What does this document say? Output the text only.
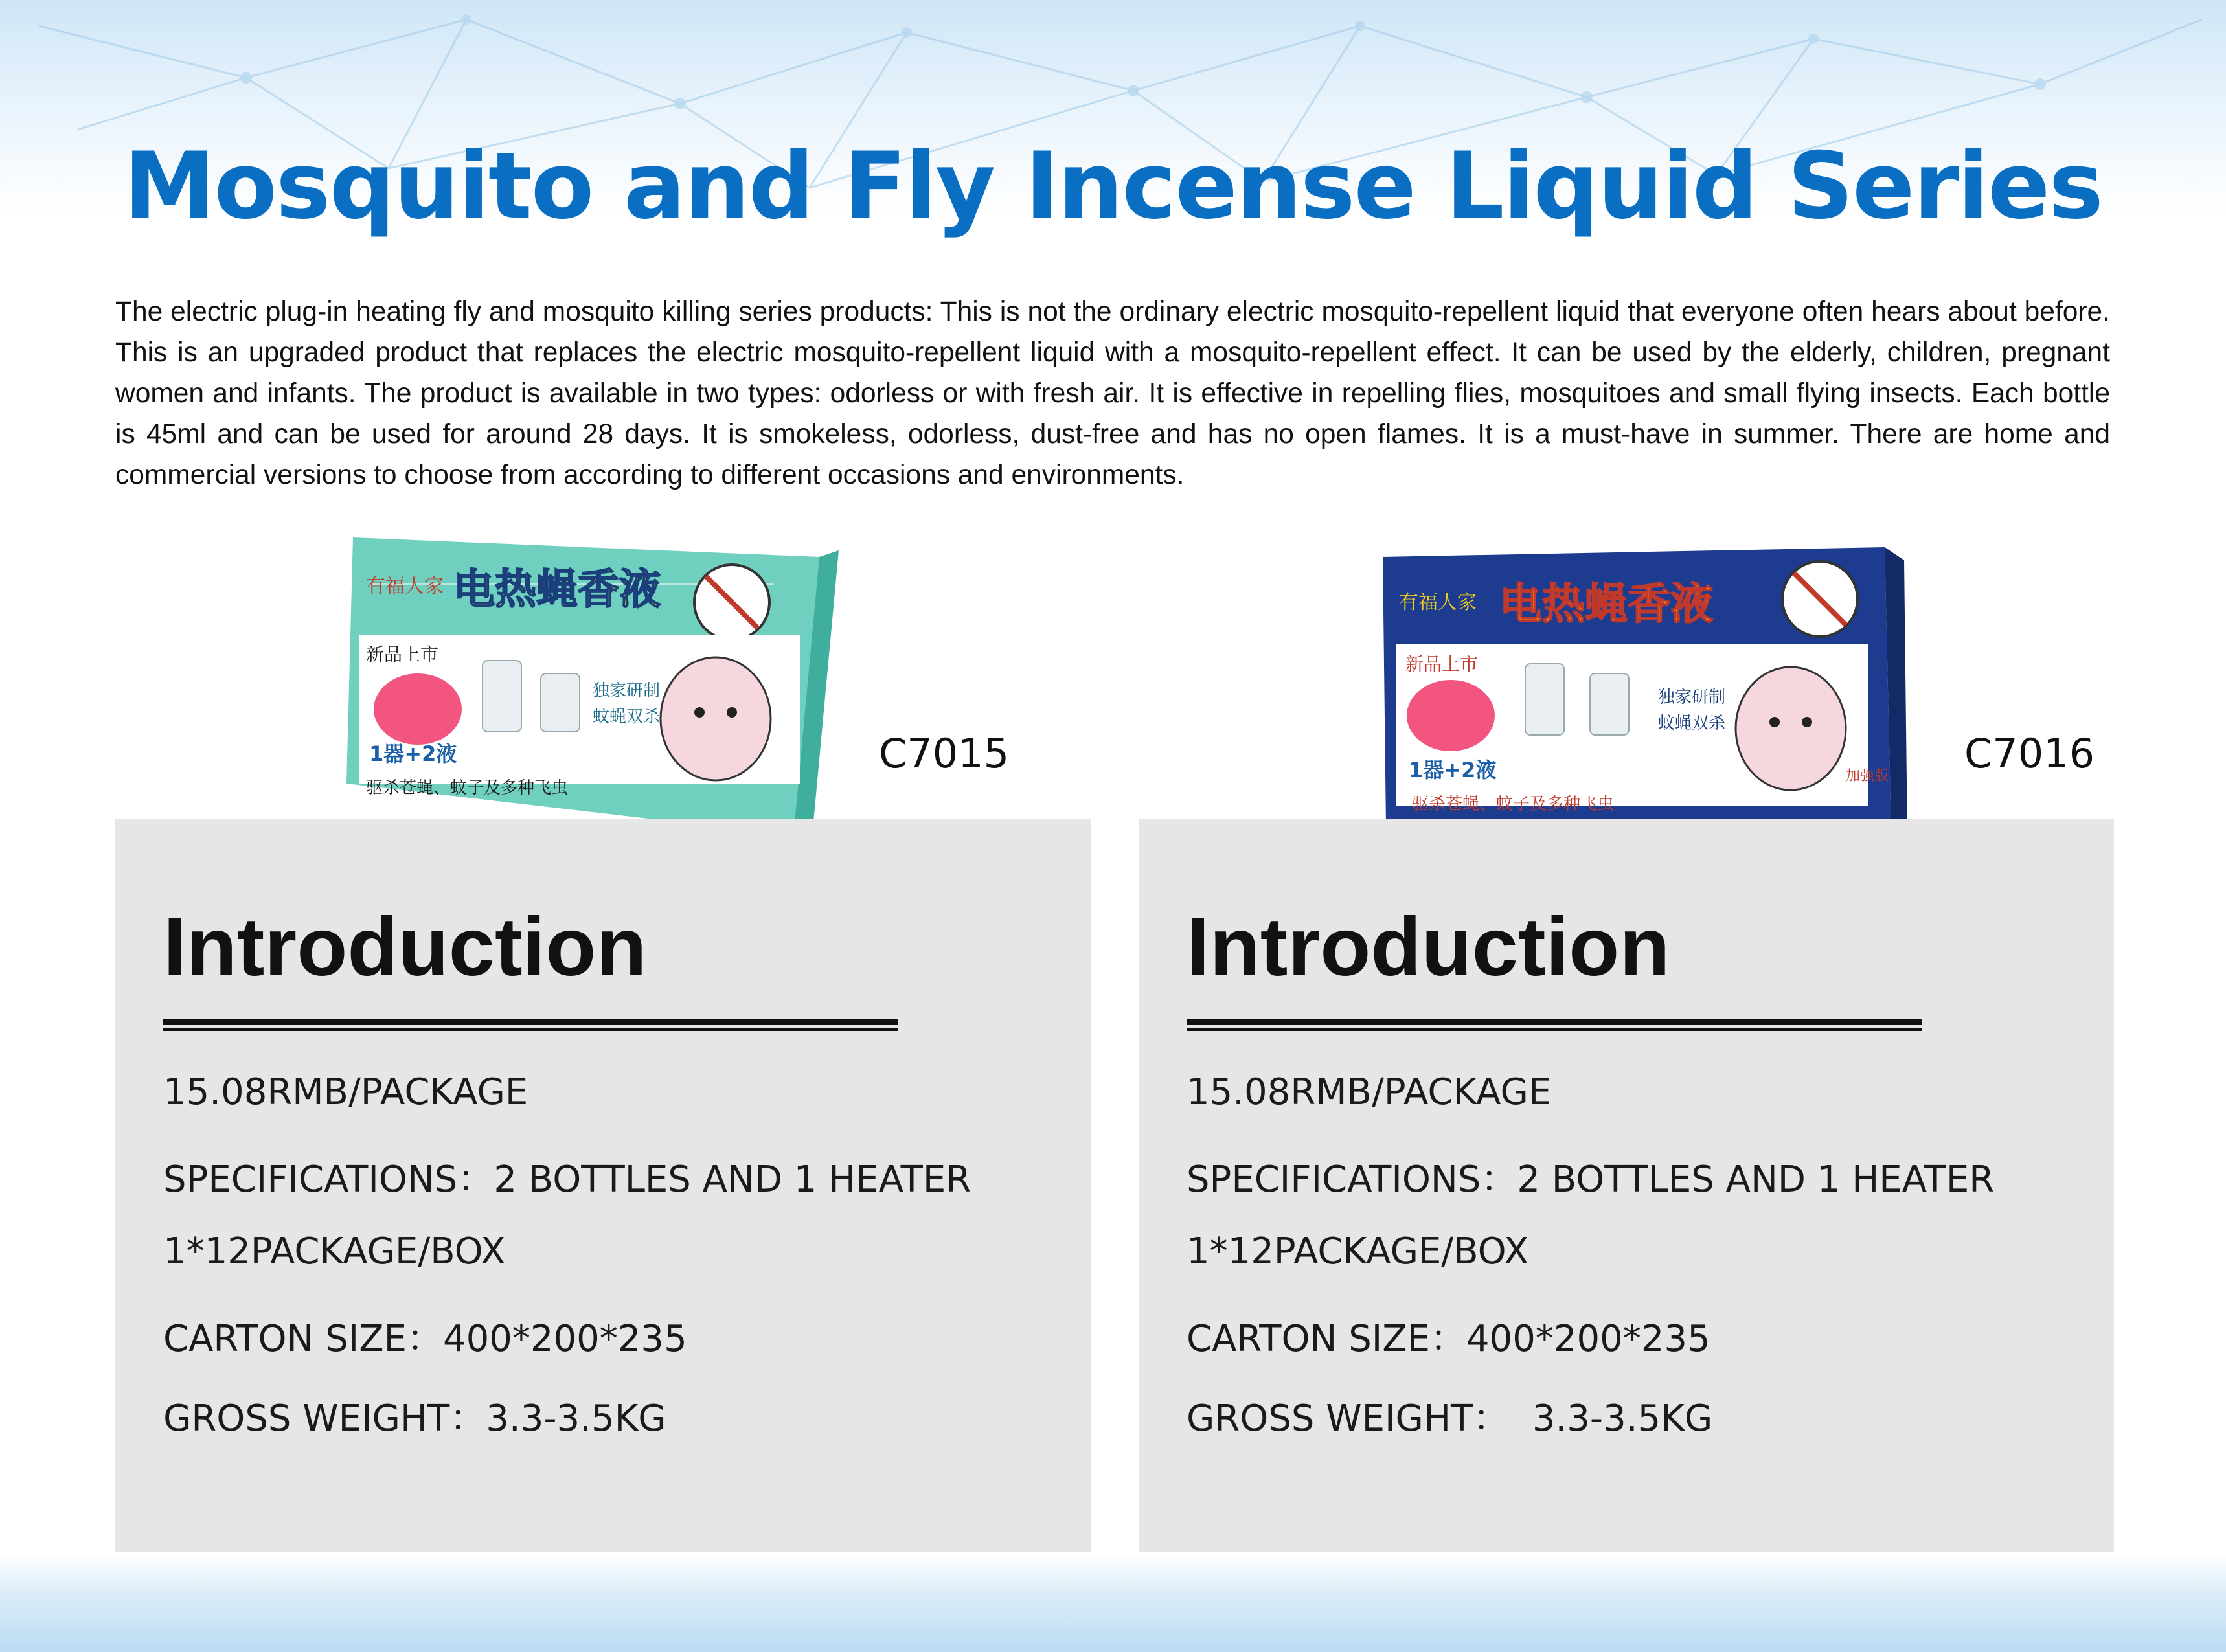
Mosquito and Fly Incense Liquid Series
The electric plug-in heating fly and mosquito killing series products: This is not the ordinary electric mosquito-repellent liquid that everyone often hears about before. This is an upgraded product that replaces the electric mosquito-repellent liquid with a mosquito-repellent effect. It can be used by the elderly, children, pregnant women and infants. The product is available in two types: odorless or with fresh air. It is effective in repelling flies, mosquitoes and small flying insects. Each bottle is 45ml and can be used for around 28 days. It is smokeless, odorless, dust-free and has no open flames. It is a must-have in summer. There are home and commercial versions to choose from according to different occasions and environments.
有福人家 电热蝇香液
新品上市
独家研制
蚊蝇双杀
1器+2液
驱杀苍蝇、蚊子及多种飞虫
C7015
Introduction
15.08RMB/PACKAGE
SPECIFICATIONS：2 BOTTLES AND 1 HEATER
1*12PACKAGE/BOX
CARTON SIZE：400*200*235
GROSS WEIGHT：3.3-3.5KG
有福人家 电热蝇香液
新品上市
独家研制
蚊蝇双杀
1器+2液
驱杀苍蝇、蚊子及多种飞虫
加强版 C7016
Introduction
15.08RMB/PACKAGE
SPECIFICATIONS：2 BOTTLES AND 1 HEATER
1*12PACKAGE/BOX
CARTON SIZE：400*200*235
GROSS WEIGHT：  3.3-3.5KG
